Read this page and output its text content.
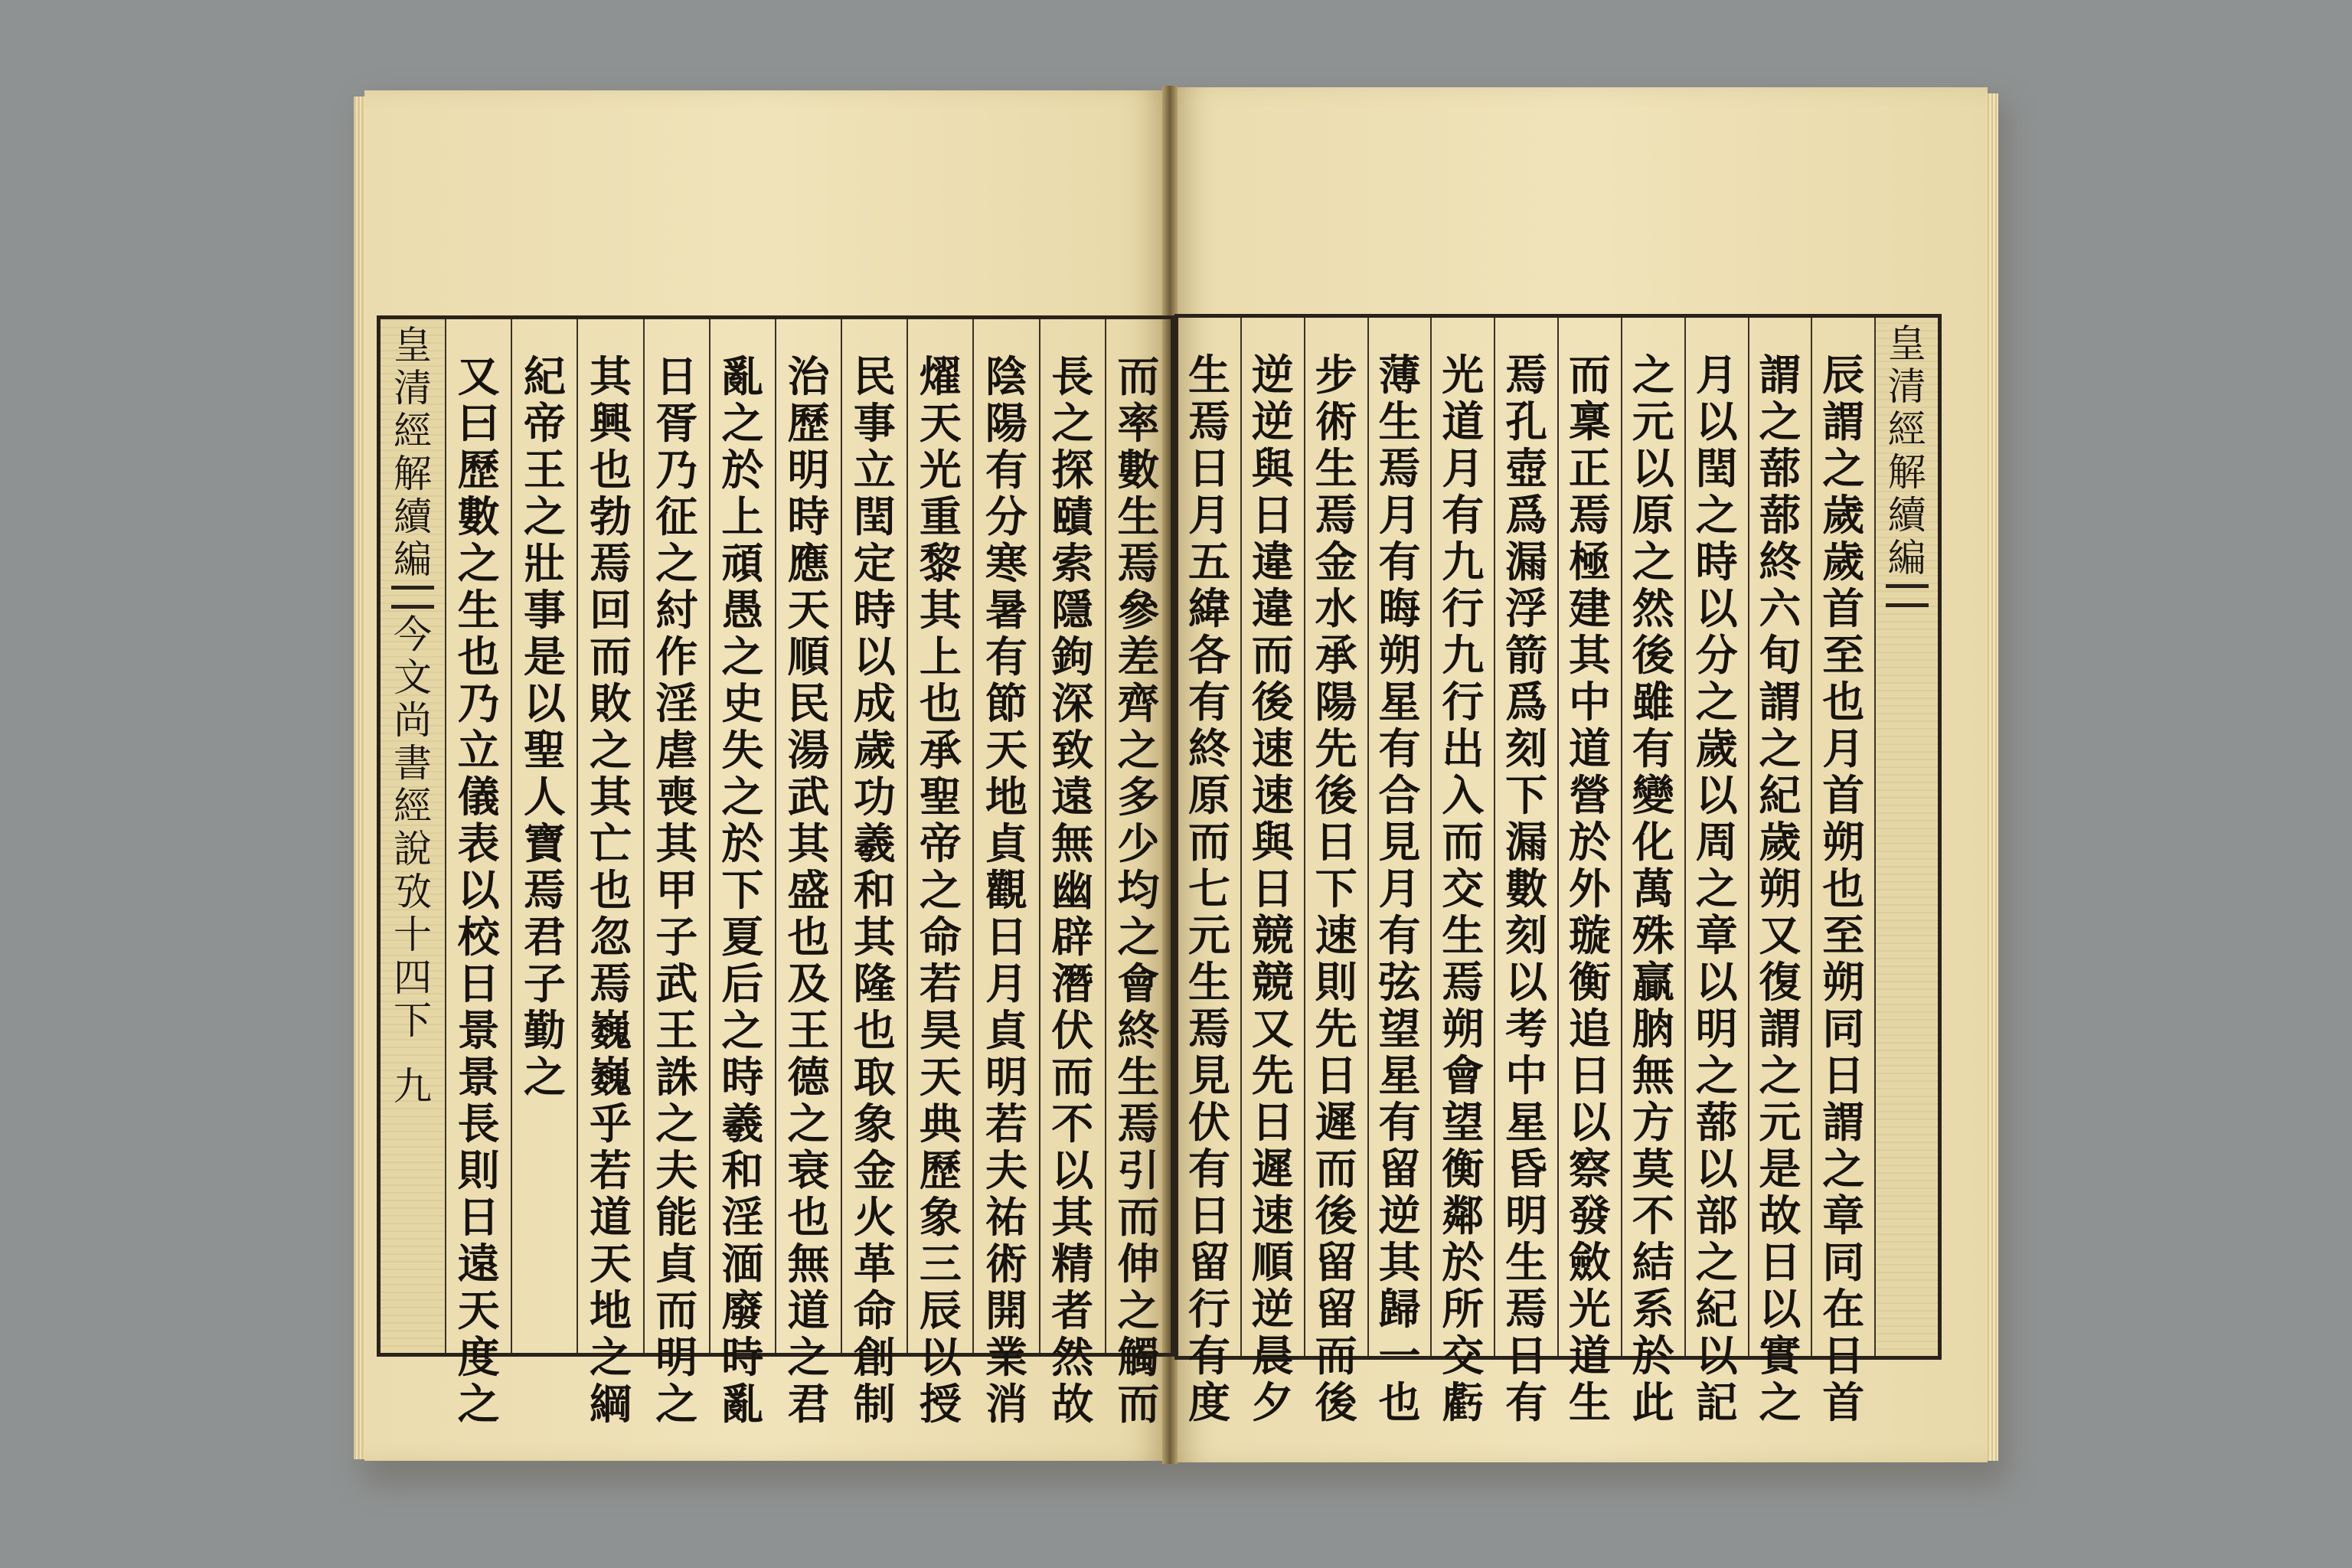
而
率
數
生
焉
參
差
齊
之
多
少
均
之
會
終
生
焉
引
而
伸
之
觸
而
長
之
探
賾
索
隱
鉤
深
致
遠
無
幽
辟
潛
伏
而
不
以
其
精
者
然
故
陰
陽
有
分
寒
暑
有
節
天
地
貞
觀
日
月
貞
明
若
夫
祐
術
開
業
消
燿
天
光
重
黎
其
上
也
承
聖
帝
之
命
若
昊
天
典
歷
象
三
辰
以
授
民
事
立
閏
定
時
以
成
歲
功
羲
和
其
隆
也
取
象
金
火
革
命
創
制
治
歷
明
時
應
天
順
民
湯
武
其
盛
也
及
王
德
之
衰
也
無
道
之
君
亂
之
於
上
頑
愚
之
史
失
之
於
下
夏
后
之
時
羲
和
淫
湎
廢
時
亂
日
胥
乃
征
之
紂
作
淫
虐
喪
其
甲
子
武
王
誅
之
夫
能
貞
而
明
之
其
興
也
勃
焉
回
而
敗
之
其
亡
也
忽
焉
巍
巍
乎
若
道
天
地
之
綱
紀
帝
王
之
壯
事
是
以
聖
人
寶
焉
君
子
勤
之
又
曰
歷
數
之
生
也
乃
立
儀
表
以
校
日
景
景
長
則
日
遠
天
度
之
皇
清
經
解
續
編
今
文
尚
書
經
說
攷
十
四
下
九
皇
清
經
解
續
編
辰
謂
之
歲
歲
首
至
也
月
首
朔
也
至
朔
同
日
謂
之
章
同
在
日
首
謂
之
蔀
蔀
終
六
旬
謂
之
紀
歲
朔
又
復
謂
之
元
是
故
日
以
實
之
月
以
閏
之
時
以
分
之
歲
以
周
之
章
以
明
之
蔀
以
部
之
紀
以
記
之
元
以
原
之
然
後
雖
有
變
化
萬
殊
贏
朒
無
方
莫
不
結
系
於
此
而
稟
正
焉
極
建
其
中
道
營
於
外
璇
衡
追
日
以
察
發
斂
光
道
生
焉
孔
壺
爲
漏
浮
箭
爲
刻
下
漏
數
刻
以
考
中
星
昏
明
生
焉
日
有
光
道
月
有
九
行
九
行
出
入
而
交
生
焉
朔
會
望
衡
鄰
於
所
交
虧
薄
生
焉
月
有
晦
朔
星
有
合
見
月
有
弦
望
星
有
留
逆
其
歸
一
也
步
術
生
焉
金
水
承
陽
先
後
日
下
速
則
先
日
遲
而
後
留
留
而
後
逆
逆
與
日
違
違
而
後
速
速
與
日
競
競
又
先
日
遲
速
順
逆
晨
夕
生
焉
日
月
五
緯
各
有
終
原
而
七
元
生
焉
見
伏
有
日
留
行
有
度
